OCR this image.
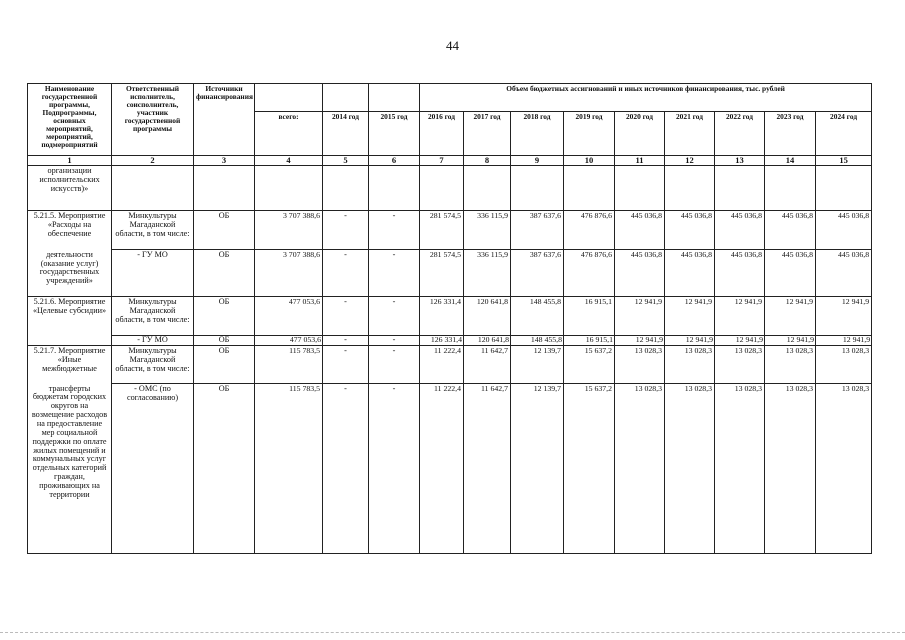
44
Наименование государственной программы, Подпрограммы, основных мероприятий, мероприятий, подмероприятий	Ответственный исполнитель, соисполнитель, участник государственной программы	Источники финансирования				Объем бюджетных ассигнований и иных источников финансирования, тыс. рублей								
			всего:	2014 год	2015 год	2016 год	2017 год	2018 год	2019 год	2020 год	2021 год	2022 год	2023 год	2024 год
1	2	3	4	5	6	7	8	9	10	11	12	13	14	15
организации исполнительских искусств)»														
5.21.5. Мероприятие «Расходы на обеспечение	Минкультуры Магаданской области, в том числе:	ОБ	3 707 388,6	-	-	281 574,5	336 115,9	387 637,6	476 876,6	445 036,8	445 036,8	445 036,8	445 036,8	445 036,8
деятельности (оказание услуг) государственных учреждений»	- ГУ МО	ОБ	3 707 388,6	-	-	281 574,5	336 115,9	387 637,6	476 876,6	445 036,8	445 036,8	445 036,8	445 036,8	445 036,8
5.21.6. Мероприятие «Целевые субсидии»	Минкультуры Магаданской области, в том числе:	ОБ	477 053,6	-	-	126 331,4	120 641,8	148 455,8	16 915,1	12 941,9	12 941,9	12 941,9	12 941,9	12 941,9
	- ГУ МО	ОБ	477 053,6	-	-	126 331,4	120 641,8	148 455,8	16 915,1	12 941,9	12 941,9	12 941,9	12 941,9	12 941,9
5.21.7. Мероприятие «Иные межбюджетные	Минкультуры Магаданской области, в том числе:	ОБ	115 783,5	-	-	11 222,4	11 642,7	12 139,7	15 637,2	13 028,3	13 028,3	13 028,3	13 028,3	13 028,3
трансферты бюджетам городских округов на возмещение расходов на предоставление мер социальной поддержки по оплате жилых помещений и коммунальных услуг отдельных категорий граждан, проживающих на территории	- ОМС (по согласованию)	ОБ	115 783,5	-	-	11 222,4	11 642,7	12 139,7	15 637,2	13 028,3	13 028,3	13 028,3	13 028,3	13 028,3
